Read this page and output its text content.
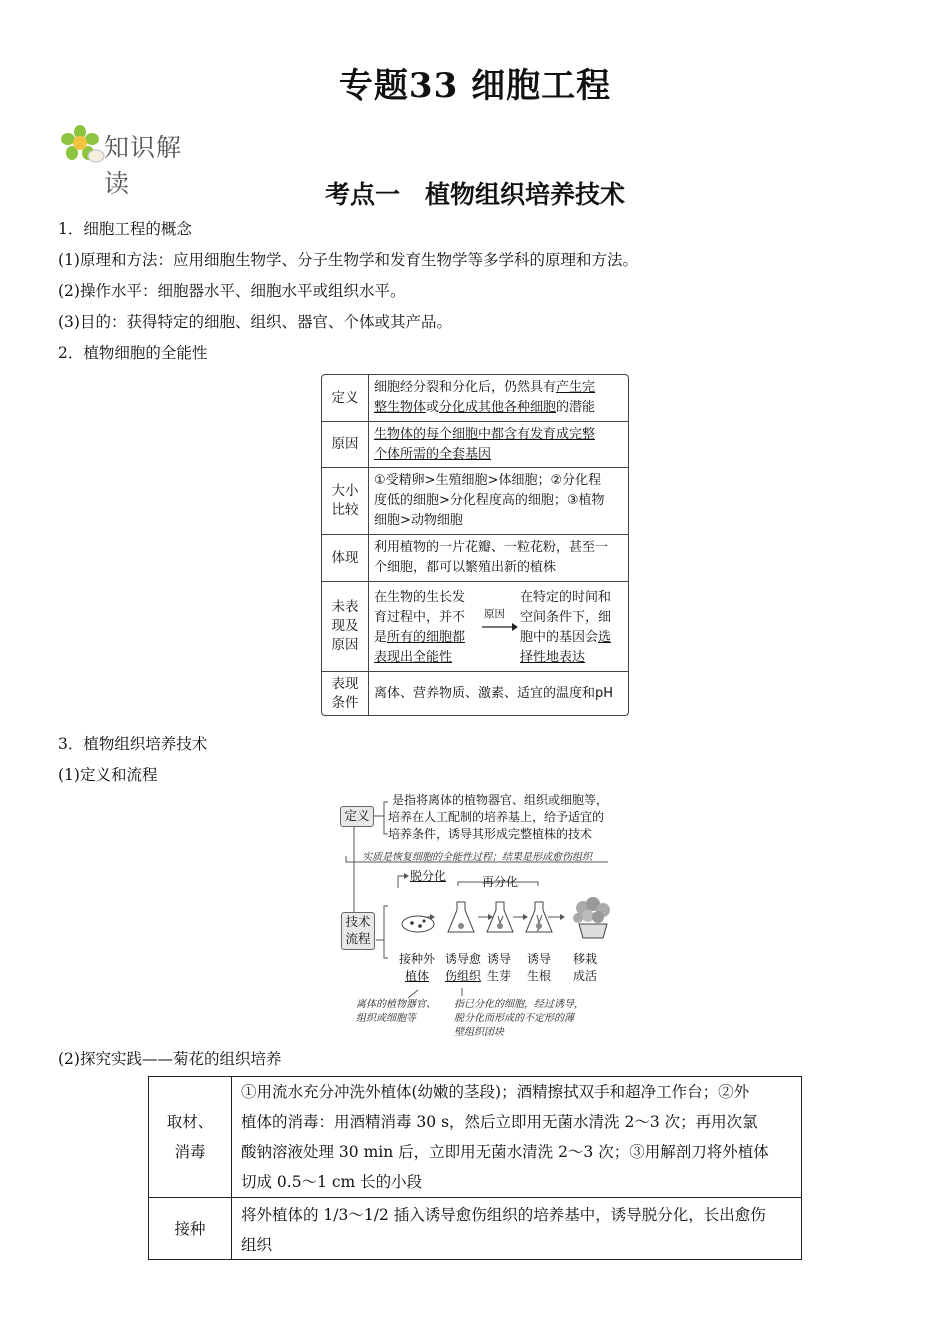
专题33 细胞工程
知识解读	考点一　植物组织培养技术
1．细胞工程的概念
(1)原理和方法：应用细胞生物学、分子生物学和发育生物学等多学科的原理和方法。
(2)操作水平：细胞器水平、细胞水平或组织水平。
(3)目的：获得特定的细胞、组织、器官、个体或其产品。
2．植物细胞的全能性
定义
细胞经分裂和分化后，仍然具有产生完
整生物体或分化成其他各种细胞的潜能
原因
生物体的每个细胞中都含有发育成完整
个体所需的全套基因
大小
比较
①受精卵>生殖细胞>体细胞；②分化程
度低的细胞>分化程度高的细胞；③植物
细胞>动物细胞
体现
利用植物的一片花瓣、一粒花粉，甚至一
个细胞，都可以繁殖出新的植株
未表
现及
原因
在生物的生长发
育过程中，并不
是所有的细胞都
表现出全能性
原因
在特定的时间和
空间条件下，细
胞中的基因会选
择性地表达
表现
条件
离体、营养物质、激素、适宜的温度和pH
3．植物组织培养技术
(1)定义和流程
定义
是指将离体的植物器官、组织或细胞等，
培养在人工配制的培养基上，给予适宜的
培养条件，诱导其形成完整植株的技术
实质是恢复细胞的全能性过程；结果是形成愈伤组织
脱分化	再分化
技术
流程
接种外
植体
诱导愈
伤组织
诱导
生芽
诱导
生根
移栽
成活
离体的植物器官、
组织或细胞等
指已分化的细胞，经过诱导，
脱分化而形成的不定形的薄
壁组织团块
(2)探究实践——菊花的组织培养
取材、
消毒
①用流水充分冲洗外植体(幼嫩的茎段)；酒精擦拭双手和超净工作台；②外
植体的消毒：用酒精消毒 30 s，然后立即用无菌水清洗 2～3 次；再用次氯
酸钠溶液处理 30 min 后，立即用无菌水清洗 2～3 次；③用解剖刀将外植体
切成 0.5～1 cm 长的小段
接种
将外植体的 1/3～1/2 插入诱导愈伤组织的培养基中，诱导脱分化，长出愈伤
组织
